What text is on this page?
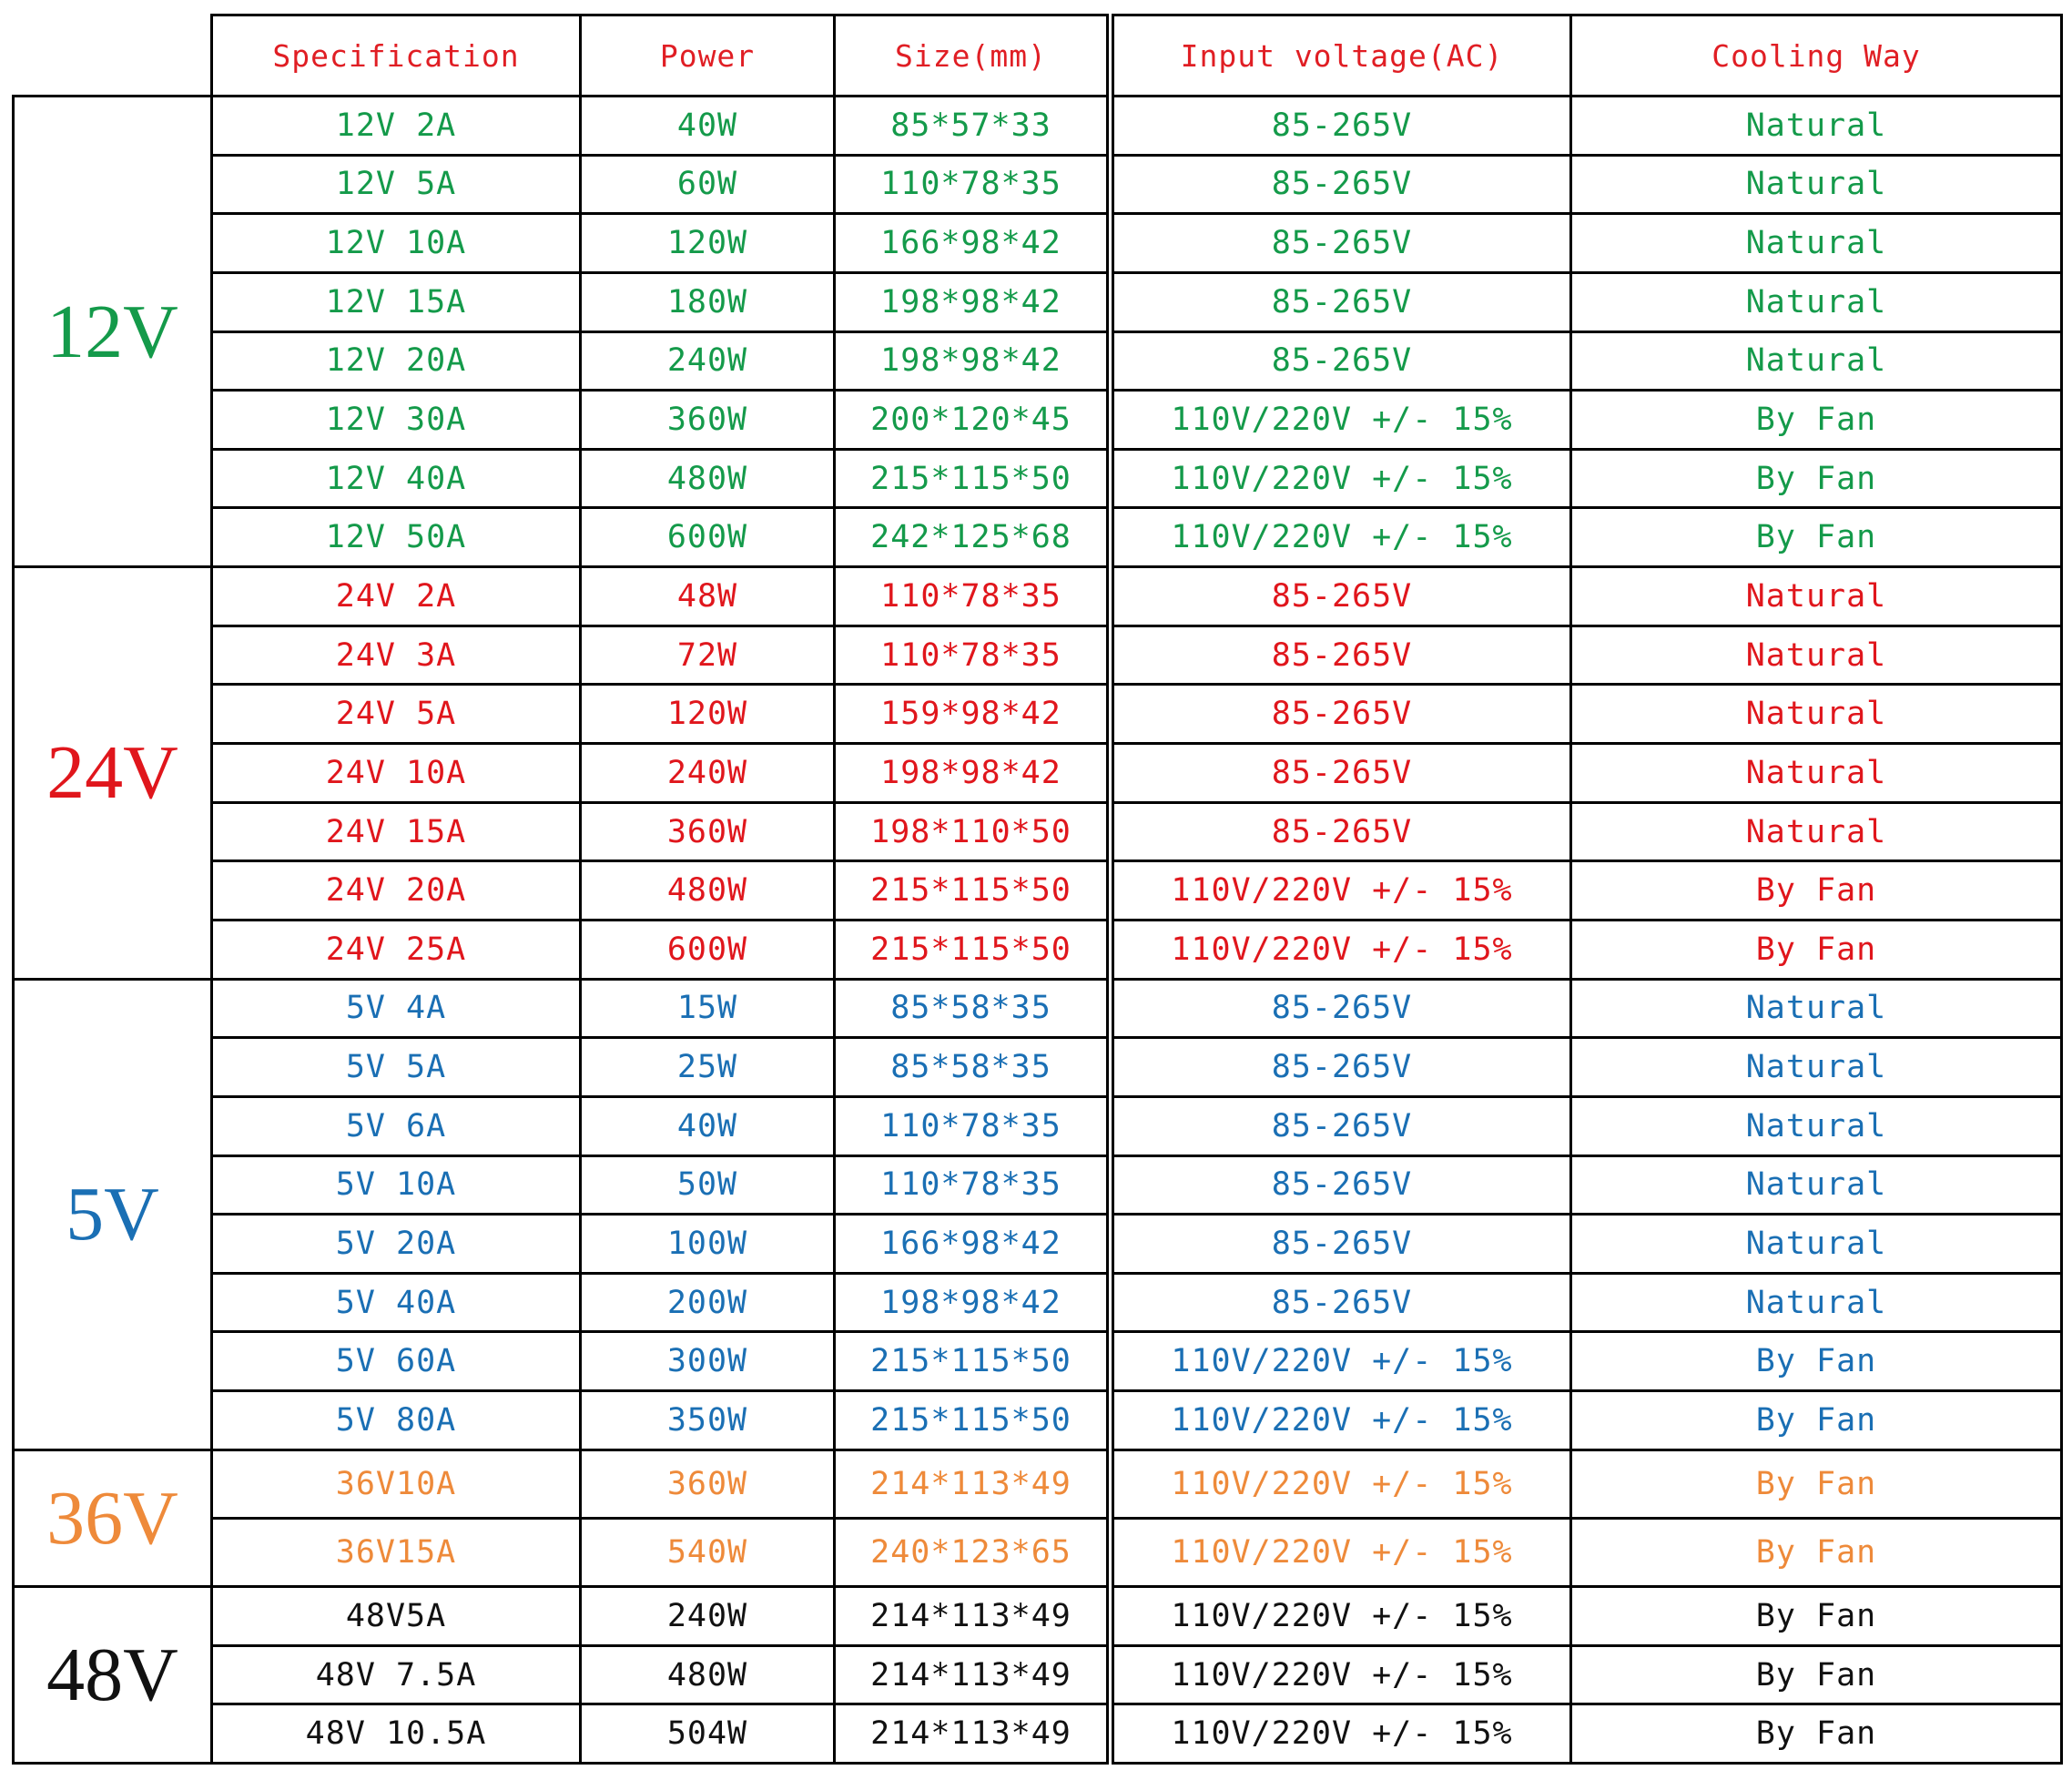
	Specification	Power	Size(mm)	Input voltage(AC)	Cooling Way
12V	12V 2A	40W	85*57*33	85-265V	Natural
	12V 5A	60W	110*78*35	85-265V	Natural
	12V 10A	120W	166*98*42	85-265V	Natural
	12V 15A	180W	198*98*42	85-265V	Natural
	12V 20A	240W	198*98*42	85-265V	Natural
	12V 30A	360W	200*120*45	110V/220V +/- 15%	By Fan
	12V 40A	480W	215*115*50	110V/220V +/- 15%	By Fan
	12V 50A	600W	242*125*68	110V/220V +/- 15%	By Fan
24V	24V 2A	48W	110*78*35	85-265V	Natural
	24V 3A	72W	110*78*35	85-265V	Natural
	24V 5A	120W	159*98*42	85-265V	Natural
	24V 10A	240W	198*98*42	85-265V	Natural
	24V 15A	360W	198*110*50	85-265V	Natural
	24V 20A	480W	215*115*50	110V/220V +/- 15%	By Fan
	24V 25A	600W	215*115*50	110V/220V +/- 15%	By Fan
5V	5V 4A	15W	85*58*35	85-265V	Natural
	5V 5A	25W	85*58*35	85-265V	Natural
	5V 6A	40W	110*78*35	85-265V	Natural
	5V 10A	50W	110*78*35	85-265V	Natural
	5V 20A	100W	166*98*42	85-265V	Natural
	5V 40A	200W	198*98*42	85-265V	Natural
	5V 60A	300W	215*115*50	110V/220V +/- 15%	By Fan
	5V 80A	350W	215*115*50	110V/220V +/- 15%	By Fan
36V	36V10A	360W	214*113*49	110V/220V +/- 15%	By Fan
	36V15A	540W	240*123*65	110V/220V +/- 15%	By Fan
48V	48V5A	240W	214*113*49	110V/220V +/- 15%	By Fan
	48V 7.5A	480W	214*113*49	110V/220V +/- 15%	By Fan
	48V 10.5A	504W	214*113*49	110V/220V +/- 15%	By Fan
